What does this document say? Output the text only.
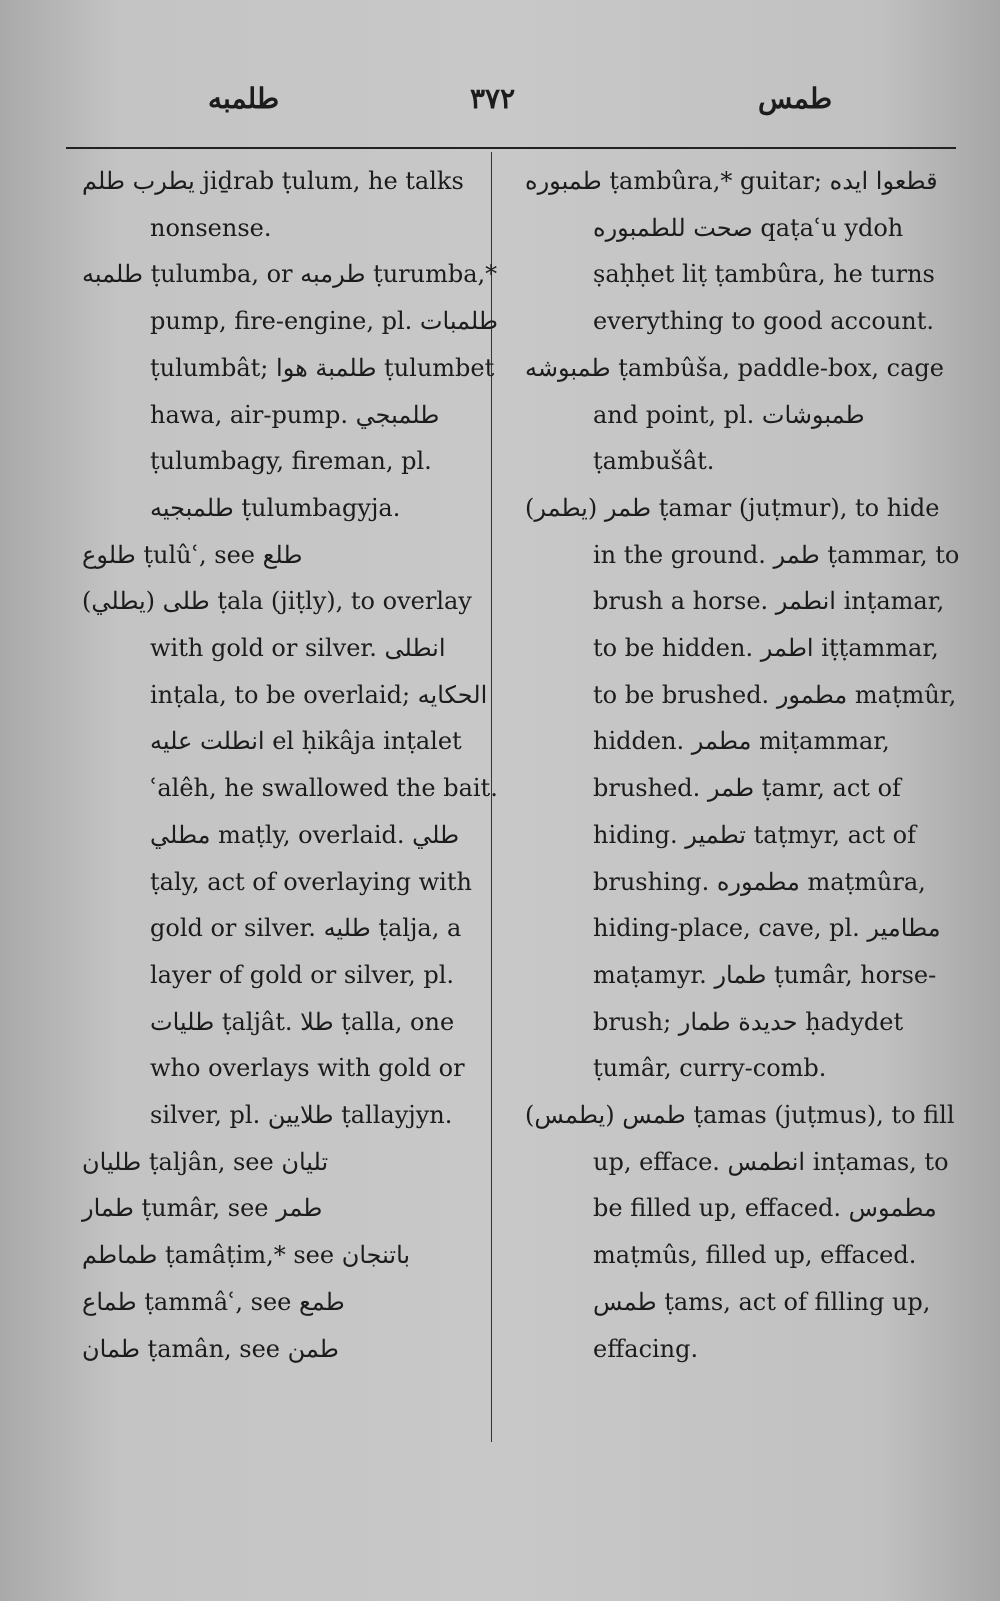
طلمبه	٣٧٢	طمس

یطرب طلم jiḏrab ṭulum, he talks nonsense.

طلمبه ṭulumba, or طرمبه ṭurumba,* pump, fire-engine, pl. طلمبات ṭulumbât; طلمبة هوا ṭulumbet hawa, air-pump. طلمبجي ṭulumbagy, fireman, pl. طلمبجیه ṭulumbagyja.

طلوع ṭulûʿ, see طلع

طلی (یطلي) ṭala (jiṭly), to overlay with gold or silver. انطلی inṭala, to be overlaid; الحکایه انطلت علیه el ḥikâja inṭalet ʿalêh, he swallowed the bait. مطلي maṭly, overlaid. طلي ṭaly, act of overlaying with gold or silver. طلیه ṭalja, a layer of gold or silver, pl. طلیات ṭaljât. طلا ṭalla, one who overlays with gold or silver, pl. طلایین ṭallayjyn.

طلیان ṭaljân, see تلیان

طمار ṭumâr, see طمر

طماطم ṭamâṭim,* see باتنجان

طماع ṭammâʿ, see طمع

طمان ṭamân, see طمن

طمبوره ṭambûra,* guitar; قطعوا ایده صحت للطمبوره qaṭaʿu ydoh ṣaḥḥet liṭ ṭambûra, he turns everything to good account.

طمبوشه ṭambûša, paddle-box, cage and point, pl. طمبوشات ṭambušât.

طمر (یطمر) ṭamar (juṭmur), to hide in the ground. طمر ṭammar, to brush a horse. انطمر inṭamar, to be hidden. اطمر iṭṭammar, to be brushed. مطمور maṭmûr, hidden. مطمر miṭammar, brushed. طمر ṭamr, act of hiding. تطمیر taṭmyr, act of brushing. مطموره maṭmûra, hiding-place, cave, pl. مطامیر maṭamyr. طمار ṭumâr, horse-brush; حدیدة طمار ḥadydet ṭumâr, curry-comb.

طمس (یطمس) ṭamas (juṭmus), to fill up, efface. انطمس inṭamas, to be filled up, effaced. مطموس maṭmûs, filled up, effaced. طمس ṭams, act of filling up, effacing.
